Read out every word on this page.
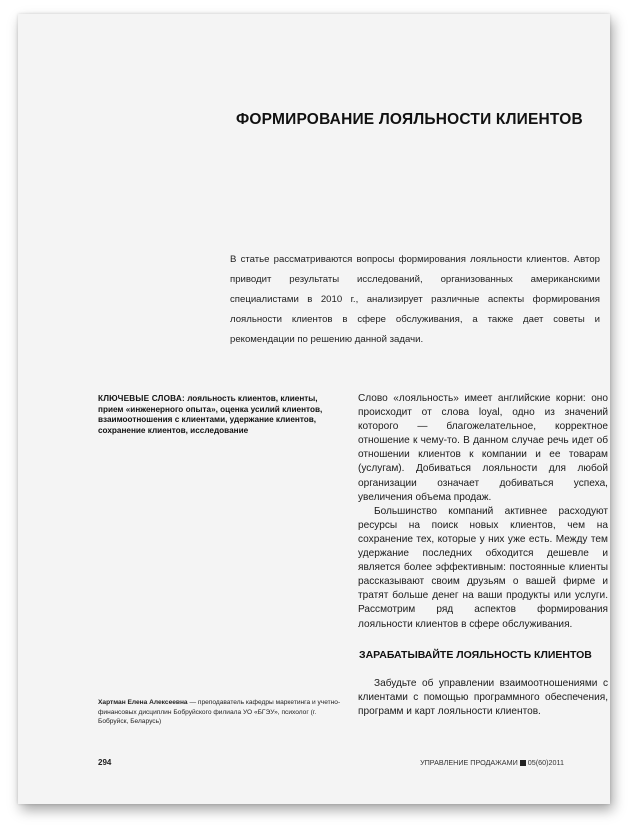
ФОРМИРОВАНИЕ ЛОЯЛЬНОСТИ КЛИЕНТОВ

В статье рассматриваются вопросы формирования лояльности клиентов. Автор приводит результаты исследований, организованных американскими специалистами в 2010 г., анализирует различные аспекты формирования лояльности клиентов в сфере обслуживания, а также дает советы и рекомендации по решению данной задачи.

КЛЮЧЕВЫЕ СЛОВА: лояльность клиентов, клиенты, прием «инженерного опыта», оценка усилий клиентов, взаимоотношения с клиентами, удержание клиентов, сохранение клиентов, исследование

Слово «лояльность» имеет английские корни: оно происходит от слова loyal, одно из значений которого — благожелательное, корректное отношение к чему-то. В данном случае речь идет об отношении клиентов к компании и ее товарам (услугам). Добиваться лояльности для любой организации означает добиваться успеха, увеличения объема продаж.

Большинство компаний активнее расходуют ресурсы на поиск новых клиентов, чем на сохранение тех, которые у них уже есть. Между тем удержание последних обходится дешевле и является более эффективным: постоянные клиенты рассказывают своим друзьям о вашей фирме и тратят больше денег на ваши продукты или услуги. Рассмотрим ряд аспектов формирования лояльности клиентов в сфере обслуживания.

ЗАРАБАТЫВАЙТЕ ЛОЯЛЬНОСТЬ КЛИЕНТОВ

Забудьте об управлении взаимоотношениями с клиентами с помощью программного обеспечения, программ и карт лояльности клиентов.

Хартман Елена Алексеевна — преподаватель кафедры маркетинга и учетно-финансовых дисциплин Бобруйского филиала УО «БГЭУ», психолог (г. Бобруйск, Беларусь)
294	УПРАВЛЕНИЕ ПРОДАЖАМИ 05(60)2011
